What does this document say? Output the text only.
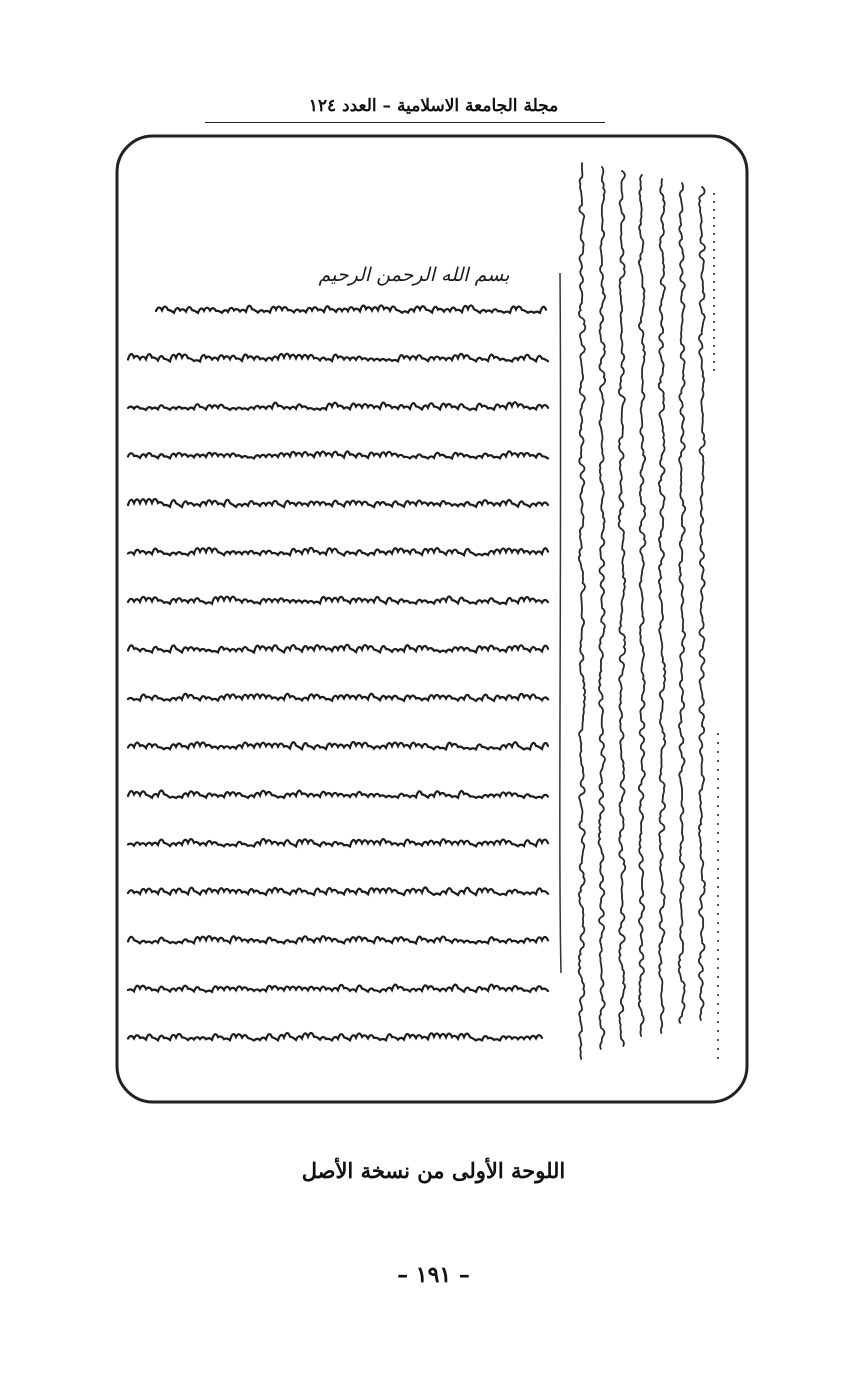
مجلة الجامعة الاسلامية – العدد ١٢٤
بسم الله الرحمن الرحيم
اللوحة الأولى من نسخة الأصل
– ١٩١ –
